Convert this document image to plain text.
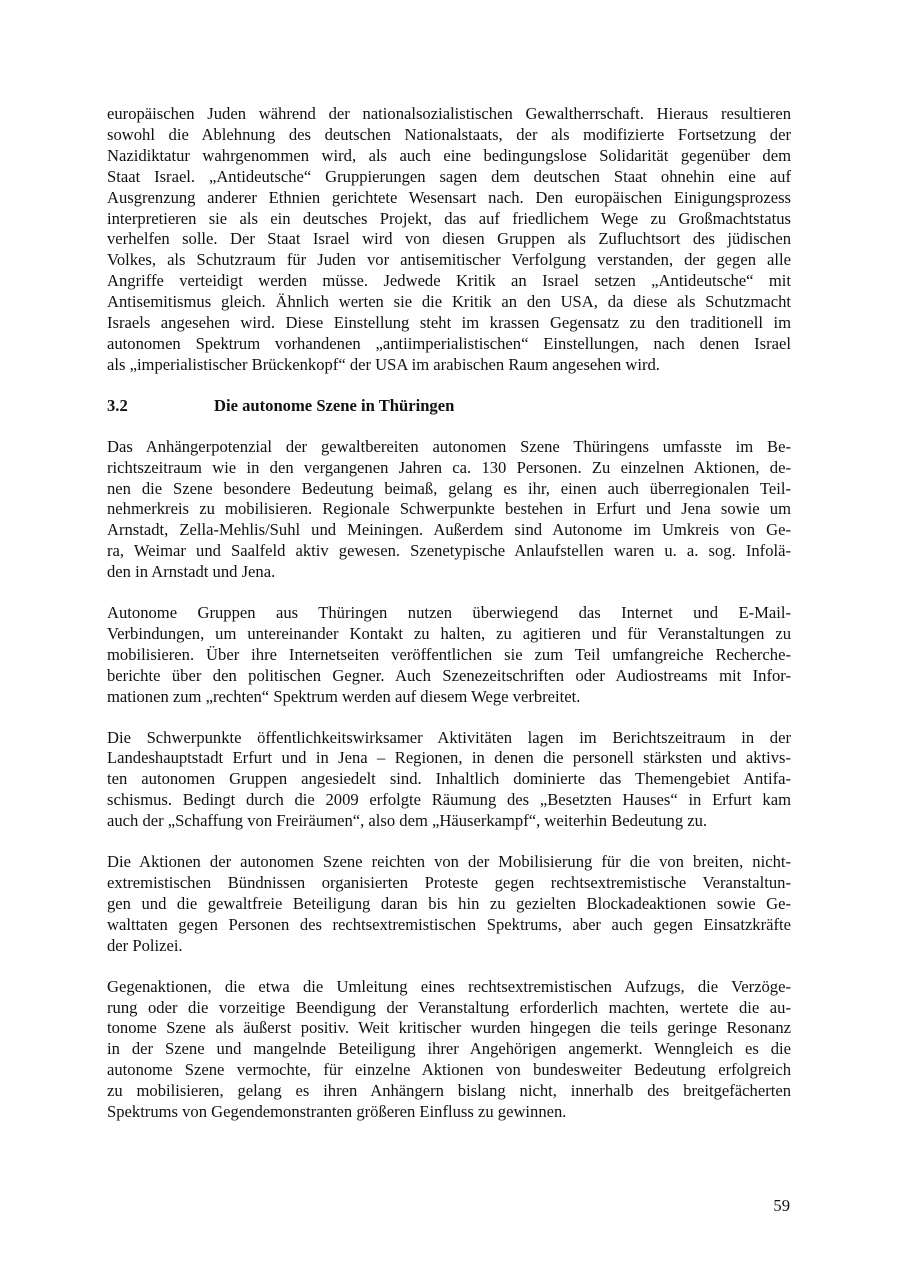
europäischen Juden während der nationalsozialistischen Gewaltherrschaft. Hieraus resultieren
sowohl die Ablehnung des deutschen Nationalstaats, der als modifizierte Fortsetzung der
Nazidiktatur wahrgenommen wird, als auch eine bedingungslose Solidarität gegenüber dem
Staat Israel. „Antideutsche“ Gruppierungen sagen dem deutschen Staat ohnehin eine auf
Ausgrenzung anderer Ethnien gerichtete Wesensart nach. Den europäischen Einigungsprozess
interpretieren sie als ein deutsches Projekt, das auf friedlichem Wege zu Großmachtstatus
verhelfen solle. Der Staat Israel wird von diesen Gruppen als Zufluchtsort des jüdischen
Volkes, als Schutzraum für Juden vor antisemitischer Verfolgung verstanden, der gegen alle
Angriffe verteidigt werden müsse. Jedwede Kritik an Israel setzen „Antideutsche“ mit
Antisemitismus gleich. Ähnlich werten sie die Kritik an den USA, da diese als Schutzmacht
Israels angesehen wird. Diese Einstellung steht im krassen Gegensatz zu den traditionell im
autonomen Spektrum vorhandenen „antiimperialistischen“ Einstellungen, nach denen Israel
als „imperialistischer Brückenkopf“ der USA im arabischen Raum angesehen wird.

3.2	Die autonome Szene in Thüringen

Das Anhängerpotenzial der gewaltbereiten autonomen Szene Thüringens umfasste im Be-
richtszeitraum wie in den vergangenen Jahren ca. 130 Personen. Zu einzelnen Aktionen, de-
nen die Szene besondere Bedeutung beimaß, gelang es ihr, einen auch überregionalen Teil-
nehmerkreis zu mobilisieren. Regionale Schwerpunkte bestehen in Erfurt und Jena sowie um
Arnstadt, Zella-Mehlis/Suhl und Meiningen. Außerdem sind Autonome im Umkreis von Ge-
ra, Weimar und Saalfeld aktiv gewesen. Szenetypische Anlaufstellen waren u. a. sog. Infolä-
den in Arnstadt und Jena.

Autonome Gruppen aus Thüringen nutzen überwiegend das Internet und E-Mail-
Verbindungen, um untereinander Kontakt zu halten, zu agitieren und für Veranstaltungen zu
mobilisieren. Über ihre Internetseiten veröffentlichen sie zum Teil umfangreiche Recherche-
berichte über den politischen Gegner. Auch Szenezeitschriften oder Audiostreams mit Infor-
mationen zum „rechten“ Spektrum werden auf diesem Wege verbreitet.

Die Schwerpunkte öffentlichkeitswirksamer Aktivitäten lagen im Berichtszeitraum in der
Landeshauptstadt Erfurt und in Jena – Regionen, in denen die personell stärksten und aktivs-
ten autonomen Gruppen angesiedelt sind. Inhaltlich dominierte das Themengebiet Antifa-
schismus. Bedingt durch die 2009 erfolgte Räumung des „Besetzten Hauses“ in Erfurt kam
auch der „Schaffung von Freiräumen“, also dem „Häuserkampf“, weiterhin Bedeutung zu.

Die Aktionen der autonomen Szene reichten von der Mobilisierung für die von breiten, nicht-
extremistischen Bündnissen organisierten Proteste gegen rechtsextremistische Veranstaltun-
gen und die gewaltfreie Beteiligung daran bis hin zu gezielten Blockadeaktionen sowie Ge-
walttaten gegen Personen des rechtsextremistischen Spektrums, aber auch gegen Einsatzkräfte
der Polizei.

Gegenaktionen, die etwa die Umleitung eines rechtsextremistischen Aufzugs, die Verzöge-
rung oder die vorzeitige Beendigung der Veranstaltung erforderlich machten, wertete die au-
tonome Szene als äußerst positiv. Weit kritischer wurden hingegen die teils geringe Resonanz
in der Szene und mangelnde Beteiligung ihrer Angehörigen angemerkt. Wenngleich es die
autonome Szene vermochte, für einzelne Aktionen von bundesweiter Bedeutung erfolgreich
zu mobilisieren, gelang es ihren Anhängern bislang nicht, innerhalb des breitgefächerten
Spektrums von Gegendemonstranten größeren Einfluss zu gewinnen.

59
